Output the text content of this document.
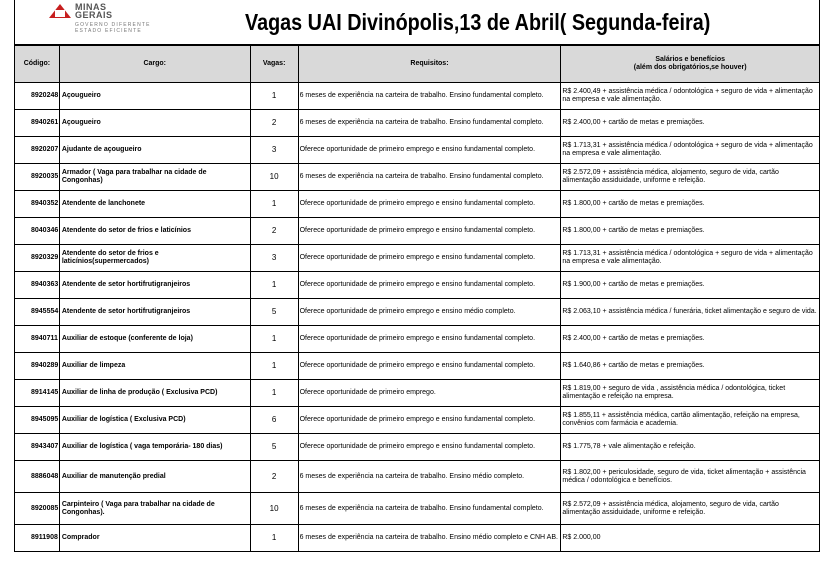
MINAS
GERAIS
GOVERNO DIFERENTE
ESTADO EFICIENTE	Vagas UAI Divinópolis,13 de Abril( Segunda-feira)
Código:	Cargo:	Vagas:	Requisitos:	Salários e benefícios
(além dos obrigatórios,se houver)

8920248	Açougueiro	1	6 meses de experiência na carteira de trabalho. Ensino fundamental completo.	R$ 2.400,49 + assistência médica / odontológica + seguro de vida + alimentação na empresa e vale alimentação.
8940261	Açougueiro	2	6 meses de experiência na carteira de trabalho. Ensino fundamental completo.	R$ 2.400,00 + cartão de metas e premiações.
8920207	Ajudante de açougueiro	3	Oferece oportunidade de primeiro emprego e ensino fundamental completo.	R$ 1.713,31 + assistência médica / odontológica + seguro de vida + alimentação na empresa e vale alimentação.
8920035	Armador ( Vaga para trabalhar na cidade de Congonhas)	10	6 meses de experiência na carteira de trabalho. Ensino fundamental completo.	R$ 2.572,09 + assistência médica, alojamento, seguro de vida, cartão alimentação assiduidade, uniforme e refeição.
8940352	Atendente de lanchonete	1	Oferece oportunidade de primeiro emprego e ensino fundamental completo.	R$ 1.800,00 + cartão de metas e premiações.
8040346	Atendente do setor de frios e laticínios	2	Oferece oportunidade de primeiro emprego e ensino fundamental completo.	R$ 1.800,00 + cartão de metas e premiações.
8920329	Atendente do setor de frios e laticínios(supermercados)	3	Oferece oportunidade de primeiro emprego e ensino fundamental completo.	R$ 1.713,31 + assistência médica / odontológica + seguro de vida + alimentação na empresa e vale alimentação.
8940363	Atendente de setor hortifrutigranjeiros	1	Oferece oportunidade de primeiro emprego e ensino fundamental completo.	R$ 1.900,00 + cartão de metas e premiações.
8945554	Atendente de setor hortifrutigranjeiros	5	Oferece oportunidade de primeiro emprego e ensino médio completo.	R$ 2.063,10 + assistência médica / funerária, ticket alimentação e seguro de vida.
8940711	Auxiliar de estoque (conferente de loja)	1	Oferece oportunidade de primeiro emprego e ensino fundamental completo.	R$ 2.400,00 + cartão de metas e premiações.
8940289	Auxiliar de limpeza	1	Oferece oportunidade de primeiro emprego e ensino fundamental completo.	R$ 1.640,86 + cartão de metas e premiações.
8914145	Auxiliar de linha de produção ( Exclusiva PCD)	1	Oferece oportunidade de primeiro emprego.	R$ 1.819,00 + seguro de vida , assistência médica / odontológica, ticket alimentação e refeição na empresa.
8945095	Auxiliar de logística ( Exclusiva PCD)	6	Oferece oportunidade de primeiro emprego e ensino fundamental completo.	R$ 1.855,11 + assistência médica, cartão alimentação, refeição na empresa, convênios com farmácia e academia.
8943407	Auxiliar de logística ( vaga temporária- 180 dias)	5	Oferece oportunidade de primeiro emprego e ensino fundamental completo.	R$ 1.775,78 + vale alimentação e refeição.
8886048	Auxiliar de manutenção predial	2	6 meses de experiência na carteira de trabalho. Ensino médio completo.	R$ 1.802,00 + periculosidade, seguro de vida, ticket alimentação + assistência médica / odontológica e benefícios.
8920085	Carpinteiro ( Vaga para trabalhar na cidade de Congonhas).	10	6 meses de experiência na carteira de trabalho. Ensino fundamental completo.	R$ 2.572,09 + assistência médica, alojamento, seguro de vida, cartão alimentação assiduidade, uniforme e refeição.
8911908	Comprador	1	6 meses de experiência na carteira de trabalho. Ensino médio completo e CNH AB.	R$ 2.000,00
